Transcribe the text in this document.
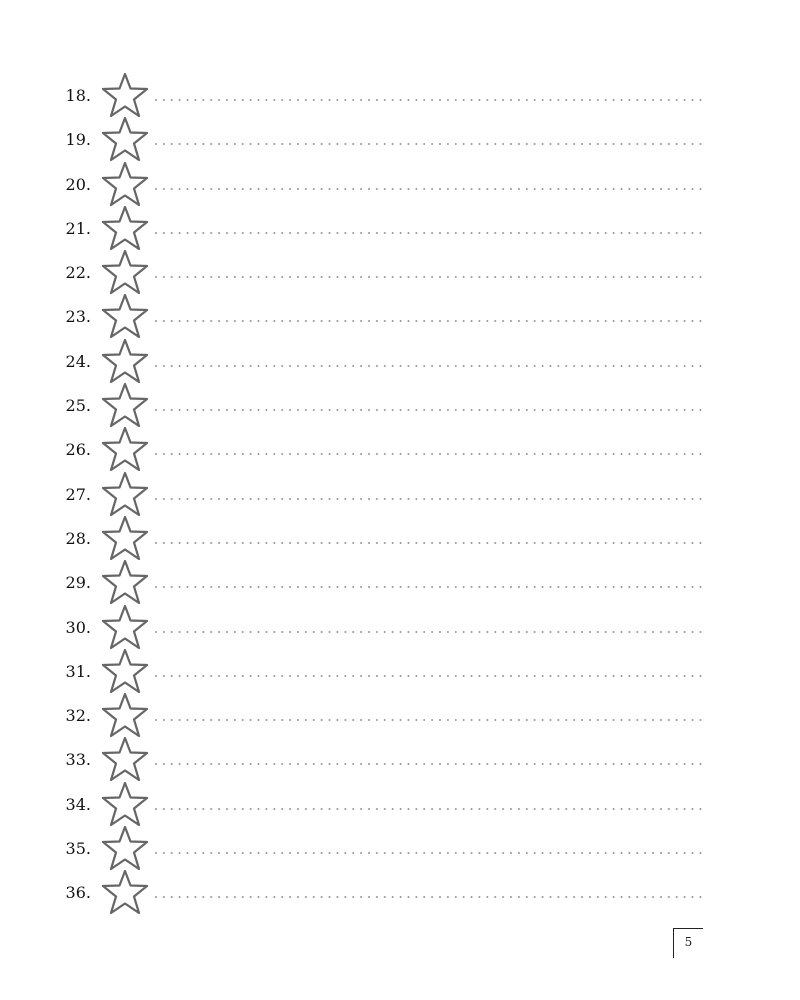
18.
19.
20.
21.
22.
23.
24.
25.
26.
27.
28.
29.
30.
31.
32.
33.
34.
35.
36.
5
